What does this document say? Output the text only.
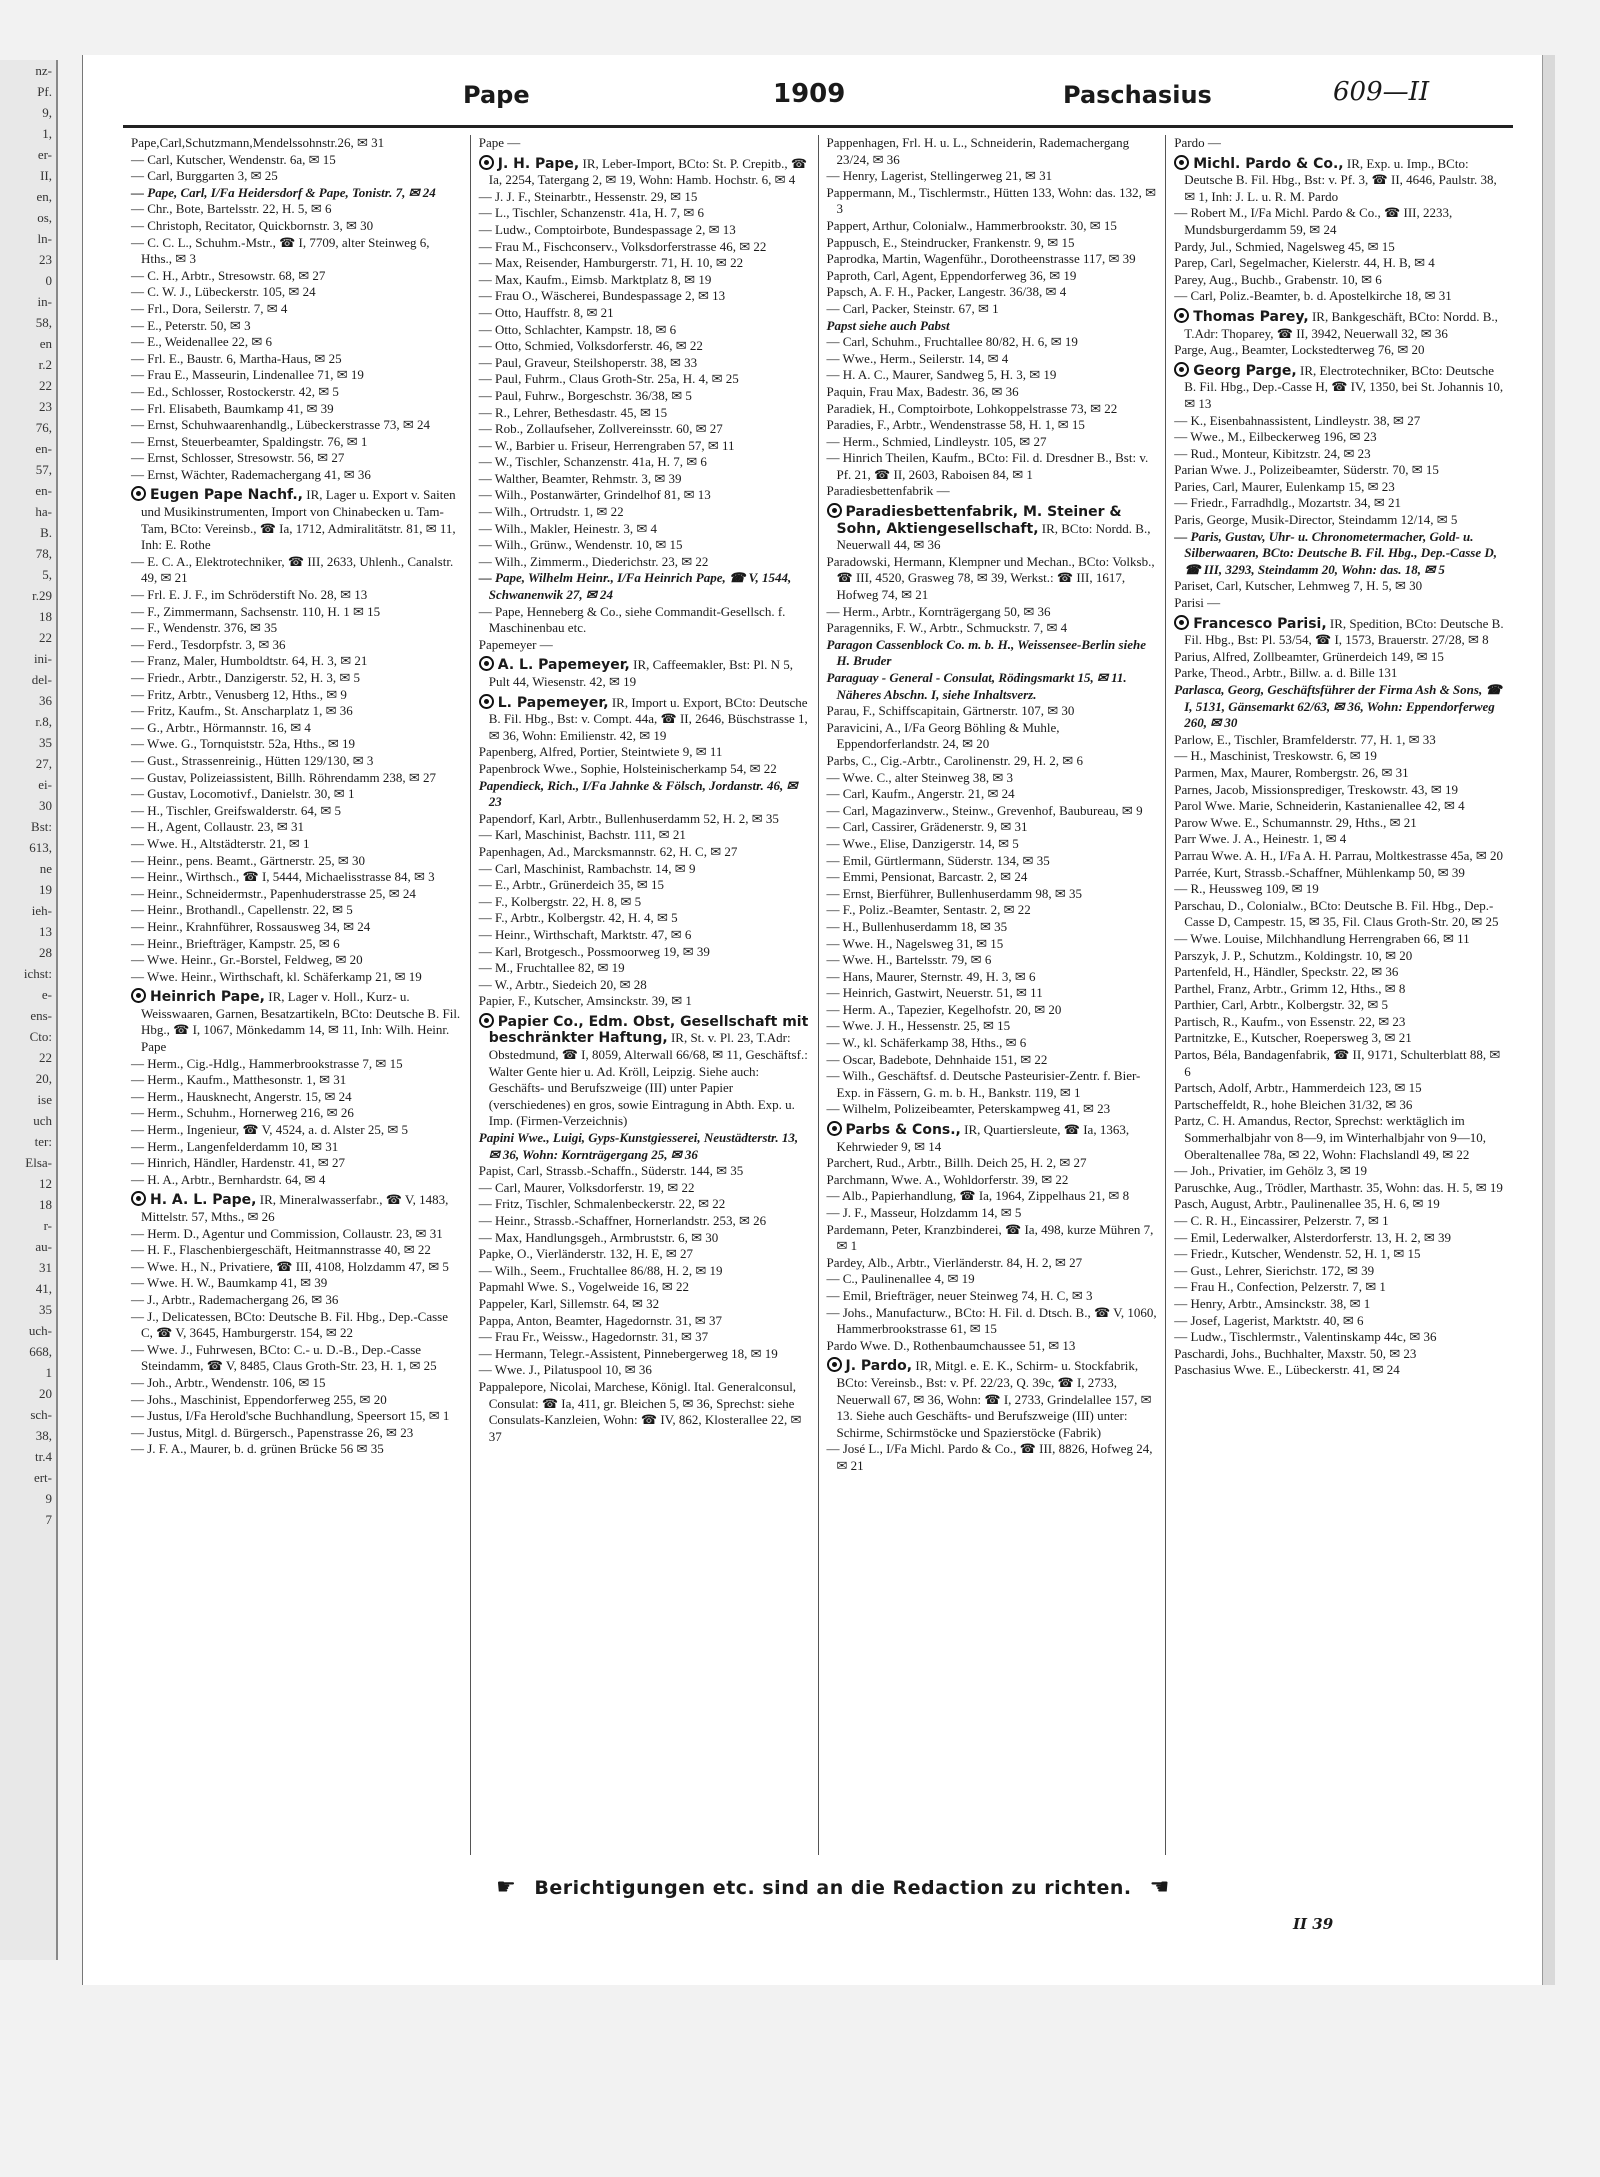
nz-
Pf.
9,
1,
er-
II,
en,
os,
ln-
23
0
in-
58,
en
r.2
22
23
76,
en-
57,
en-
ha-
B.
78,
5,
r.29
18
22
ini-
del-
36
r.8,
35
27,
ei-
30
Bst:
613,
ne
19
ieh-
13
28
ichst:
e-
ens-
Cto:
22
20,
ise
uch
ter:
Elsa-
12
18
r-
au-
31
41,
35
uch-
668,
1
20
sch-
38,
tr.4
ert-
9
7
Pape	1909	Paschasius	609—II

Pape,Carl,Schutzmann,Mendelssohnstr.26, ✉ 31

— Carl, Kutscher, Wendenstr. 6a, ✉ 15

— Carl, Burggarten 3, ✉ 25

— Pape, Carl, I/Fa Heidersdorf & Pape, Tonistr. 7, ✉ 24

— Chr., Bote, Bartelsstr. 22, H. 5, ✉ 6

— Christoph, Recitator, Quickbornstr. 3, ✉ 30

— C. C. L., Schuhm.-Mstr., ☎ I, 7709, alter Steinweg 6, Hths., ✉ 3

— C. H., Arbtr., Stresowstr. 68, ✉ 27

— C. W. J., Lübeckerstr. 105, ✉ 24

— Frl., Dora, Seilerstr. 7, ✉ 4

— E., Peterstr. 50, ✉ 3

— E., Weidenallee 22, ✉ 6

— Frl. E., Baustr. 6, Martha-Haus, ✉ 25

— Frau E., Masseurin, Lindenallee 71, ✉ 19

— Ed., Schlosser, Rostockerstr. 42, ✉ 5

— Frl. Elisabeth, Baumkamp 41, ✉ 39

— Ernst, Schuhwaarenhandlg., Lübeckerstrasse 73, ✉ 24

— Ernst, Steuerbeamter, Spaldingstr. 76, ✉ 1

— Ernst, Schlosser, Stresowstr. 56, ✉ 27

— Ernst, Wächter, Rademachergang 41, ✉ 36

Eugen Pape Nachf., IR, Lager u. Export v. Saiten und Musikinstrumenten, Import von Chinabecken u. Tam-Tam, BCto: Vereinsb., ☎ Ia, 1712, Admiralitätstr. 81, ✉ 11, Inh: E. Rothe

— E. C. A., Elektrotechniker, ☎ III, 2633, Uhlenh., Canalstr. 49, ✉ 21

— Frl. E. J. F., im Schröderstift No. 28, ✉ 13

— F., Zimmermann, Sachsenstr. 110, H. 1 ✉ 15

— F., Wendenstr. 376, ✉ 35

— Ferd., Tesdorpfstr. 3, ✉ 36

— Franz, Maler, Humboldtstr. 64, H. 3, ✉ 21

— Friedr., Arbtr., Danzigerstr. 52, H. 3, ✉ 5

— Fritz, Arbtr., Venusberg 12, Hths., ✉ 9

— Fritz, Kaufm., St. Anscharplatz 1, ✉ 36

— G., Arbtr., Hörmannstr. 16, ✉ 4

— Wwe. G., Tornquiststr. 52a, Hths., ✉ 19

— Gust., Strassenreinig., Hütten 129/130, ✉ 3

— Gustav, Polizeiassistent, Billh. Röhrendamm 238, ✉ 27

— Gustav, Locomotivf., Danielstr. 30, ✉ 1

— H., Tischler, Greifswalderstr. 64, ✉ 5

— H., Agent, Collaustr. 23, ✉ 31

— Wwe. H., Altstädterstr. 21, ✉ 1

— Heinr., pens. Beamt., Gärtnerstr. 25, ✉ 30

— Heinr., Wirthsch., ☎ I, 5444, Michaelisstrasse 84, ✉ 3

— Heinr., Schneidermstr., Papenhuderstrasse 25, ✉ 24

— Heinr., Brothandl., Capellenstr. 22, ✉ 5

— Heinr., Krahnführer, Rossausweg 34, ✉ 24

— Heinr., Briefträger, Kampstr. 25, ✉ 6

— Wwe. Heinr., Gr.-Borstel, Feldweg, ✉ 20

— Wwe. Heinr., Wirthschaft, kl. Schäferkamp 21, ✉ 19

Heinrich Pape, IR, Lager v. Holl., Kurz- u. Weisswaaren, Garnen, Besatzartikeln, BCto: Deutsche B. Fil. Hbg., ☎ I, 1067, Mönkedamm 14, ✉ 11, Inh: Wilh. Heinr. Pape

— Herm., Cig.-Hdlg., Hammerbrookstrasse 7, ✉ 15

— Herm., Kaufm., Matthesonstr. 1, ✉ 31

— Herm., Hausknecht, Angerstr. 15, ✉ 24

— Herm., Schuhm., Hornerweg 216, ✉ 26

— Herm., Ingenieur, ☎ V, 4524, a. d. Alster 25, ✉ 5

— Herm., Langenfelderdamm 10, ✉ 31

— Hinrich, Händler, Hardenstr. 41, ✉ 27

— H. A., Arbtr., Bernhardstr. 64, ✉ 4

H. A. L. Pape, IR, Mineralwasserfabr., ☎ V, 1483, Mittelstr. 57, Mths., ✉ 26

— Herm. D., Agentur und Commission, Collaustr. 23, ✉ 31

— H. F., Flaschenbiergeschäft, Heitmannstrasse 40, ✉ 22

— Wwe. H., N., Privatiere, ☎ III, 4108, Holzdamm 47, ✉ 5

— Wwe. H. W., Baumkamp 41, ✉ 39

— J., Arbtr., Rademachergang 26, ✉ 36

— J., Delicatessen, BCto: Deutsche B. Fil. Hbg., Dep.-Casse C, ☎ V, 3645, Hamburgerstr. 154, ✉ 22

— Wwe. J., Fuhrwesen, BCto: C.- u. D.-B., Dep.-Casse Steindamm, ☎ V, 8485, Claus Groth-Str. 23, H. 1, ✉ 25

— Joh., Arbtr., Wendenstr. 106, ✉ 15

— Johs., Maschinist, Eppendorferweg 255, ✉ 20

— Justus, I/Fa Herold'sche Buchhandlung, Speersort 15, ✉ 1

— Justus, Mitgl. d. Bürgersch., Papenstrasse 26, ✉ 23

— J. F. A., Maurer, b. d. grünen Brücke 56 ✉ 35

Pape —

J. H. Pape, IR, Leber-Import, BCto: St. P. Crepitb., ☎ Ia, 2254, Tatergang 2, ✉ 19, Wohn: Hamb. Hochstr. 6, ✉ 4

— J. J. F., Steinarbtr., Hessenstr. 29, ✉ 15

— L., Tischler, Schanzenstr. 41a, H. 7, ✉ 6

— Ludw., Comptoirbote, Bundespassage 2, ✉ 13

— Frau M., Fischconserv., Volksdorferstrasse 46, ✉ 22

— Max, Reisender, Hamburgerstr. 71, H. 10, ✉ 22

— Max, Kaufm., Eimsb. Marktplatz 8, ✉ 19

— Frau O., Wäscherei, Bundespassage 2, ✉ 13

— Otto, Hauffstr. 8, ✉ 21

— Otto, Schlachter, Kampstr. 18, ✉ 6

— Otto, Schmied, Volksdorferstr. 46, ✉ 22

— Paul, Graveur, Steilshoperstr. 38, ✉ 33

— Paul, Fuhrm., Claus Groth-Str. 25a, H. 4, ✉ 25

— Paul, Fuhrw., Borgeschstr. 36/38, ✉ 5

— R., Lehrer, Bethesdastr. 45, ✉ 15

— Rob., Zollaufseher, Zollvereinsstr. 60, ✉ 27

— W., Barbier u. Friseur, Herrengraben 57, ✉ 11

— W., Tischler, Schanzenstr. 41a, H. 7, ✉ 6

— Walther, Beamter, Rehmstr. 3, ✉ 39

— Wilh., Postanwärter, Grindelhof 81, ✉ 13

— Wilh., Ortrudstr. 1, ✉ 22

— Wilh., Makler, Heinestr. 3, ✉ 4

— Wilh., Grünw., Wendenstr. 10, ✉ 15

— Wilh., Zimmerm., Diederichstr. 23, ✉ 22

— Pape, Wilhelm Heinr., I/Fa Heinrich Pape, ☎ V, 1544, Schwanenwik 27, ✉ 24

— Pape, Henneberg & Co., siehe Commandit-Gesellsch. f. Maschinenbau etc.

Papemeyer —

A. L. Papemeyer, IR, Caffeemakler, Bst: Pl. N 5, Pult 44, Wiesenstr. 42, ✉ 19

L. Papemeyer, IR, Import u. Export, BCto: Deutsche B. Fil. Hbg., Bst: v. Compt. 44a, ☎ II, 2646, Büschstrasse 1, ✉ 36, Wohn: Emilienstr. 42, ✉ 19

Papenberg, Alfred, Portier, Steintwiete 9, ✉ 11

Papenbrock Wwe., Sophie, Holsteinischerkamp 54, ✉ 22

Papendieck, Rich., I/Fa Jahnke & Fölsch, Jordanstr. 46, ✉ 23

Papendorf, Karl, Arbtr., Bullenhuserdamm 52, H. 2, ✉ 35

— Karl, Maschinist, Bachstr. 111, ✉ 21

Papenhagen, Ad., Marcksmannstr. 62, H. C, ✉ 27

— Carl, Maschinist, Rambachstr. 14, ✉ 9

— E., Arbtr., Grünerdeich 35, ✉ 15

— F., Kolbergstr. 22, H. 8, ✉ 5

— F., Arbtr., Kolbergstr. 42, H. 4, ✉ 5

— Heinr., Wirthschaft, Marktstr. 47, ✉ 6

— Karl, Brotgesch., Possmoorweg 19, ✉ 39

— M., Fruchtallee 82, ✉ 19

— W., Arbtr., Siedeich 20, ✉ 28

Papier, F., Kutscher, Amsinckstr. 39, ✉ 1

Papier Co., Edm. Obst, Gesellschaft mit beschränkter Haftung, IR, St. v. Pl. 23, T.Adr: Obstedmund, ☎ I, 8059, Alterwall 66/68, ✉ 11, Geschäftsf.: Walter Gente hier u. Ad. Kröll, Leipzig. Siehe auch: Geschäfts- und Berufszweige (III) unter Papier (verschiedenes) en gros, sowie Eintragung in Abth. Exp. u. Imp. (Firmen-Verzeichnis)

Papini Wwe., Luigi, Gyps-Kunstgiesserei, Neustädterstr. 13, ✉ 36, Wohn: Kornträgergang 25, ✉ 36

Papist, Carl, Strassb.-Schaffn., Süderstr. 144, ✉ 35

— Carl, Maurer, Volksdorferstr. 19, ✉ 22

— Fritz, Tischler, Schmalenbeckerstr. 22, ✉ 22

— Heinr., Strassb.-Schaffner, Hornerlandstr. 253, ✉ 26

— Max, Handlungsgeh., Armbruststr. 6, ✉ 30

Papke, O., Vierländerstr. 132, H. E, ✉ 27

— Wilh., Seem., Fruchtallee 86/88, H. 2, ✉ 19

Papmahl Wwe. S., Vogelweide 16, ✉ 22

Pappeler, Karl, Sillemstr. 64, ✉ 32

Pappa, Anton, Beamter, Hagedornstr. 31, ✉ 37

— Frau Fr., Weissw., Hagedornstr. 31, ✉ 37

— Hermann, Telegr.-Assistent, Pinnebergerweg 18, ✉ 19

— Wwe. J., Pilatuspool 10, ✉ 36

Pappalepore, Nicolai, Marchese, Königl. Ital. Generalconsul, Consulat: ☎ Ia, 411, gr. Bleichen 5, ✉ 36, Sprechst: siehe Consulats-Kanzleien, Wohn: ☎ IV, 862, Klosterallee 22, ✉ 37

Pappenhagen, Frl. H. u. L., Schneiderin, Rademachergang 23/24, ✉ 36

— Henry, Lagerist, Stellingerweg 21, ✉ 31

Pappermann, M., Tischlermstr., Hütten 133, Wohn: das. 132, ✉ 3

Pappert, Arthur, Colonialw., Hammerbrookstr. 30, ✉ 15

Pappusch, E., Steindrucker, Frankenstr. 9, ✉ 15

Paprodka, Martin, Wagenführ., Dorotheenstrasse 117, ✉ 39

Paproth, Carl, Agent, Eppendorferweg 36, ✉ 19

Papsch, A. F. H., Packer, Langestr. 36/38, ✉ 4

— Carl, Packer, Steinstr. 67, ✉ 1

Papst siehe auch Pabst

— Carl, Schuhm., Fruchtallee 80/82, H. 6, ✉ 19

— Wwe., Herm., Seilerstr. 14, ✉ 4

— H. A. C., Maurer, Sandweg 5, H. 3, ✉ 19

Paquin, Frau Max, Badestr. 36, ✉ 36

Paradiek, H., Comptoirbote, Lohkoppelstrasse 73, ✉ 22

Paradies, F., Arbtr., Wendenstrasse 58, H. 1, ✉ 15

— Herm., Schmied, Lindleystr. 105, ✉ 27

— Hinrich Theilen, Kaufm., BCto: Fil. d. Dresdner B., Bst: v. Pf. 21, ☎ II, 2603, Raboisen 84, ✉ 1

Paradiesbettenfabrik —

Paradiesbettenfabrik, M. Steiner & Sohn, Aktiengesellschaft, IR, BCto: Nordd. B., Neuerwall 44, ✉ 36

Paradowski, Hermann, Klempner und Mechan., BCto: Volksb., ☎ III, 4520, Grasweg 78, ✉ 39, Werkst.: ☎ III, 1617, Hofweg 74, ✉ 21

— Herm., Arbtr., Kornträgergang 50, ✉ 36

Paragenniks, F. W., Arbtr., Schmuckstr. 7, ✉ 4

Paragon Cassenblock Co. m. b. H., Weissensee-Berlin siehe H. Bruder

Paraguay - General - Consulat, Rödingsmarkt 15, ✉ 11. Näheres Abschn. I, siehe Inhaltsverz.

Parau, F., Schiffscapitain, Gärtnerstr. 107, ✉ 30

Paravicini, A., I/Fa Georg Böhling & Muhle, Eppendorferlandstr. 24, ✉ 20

Parbs, C., Cig.-Arbtr., Carolinenstr. 29, H. 2, ✉ 6

— Wwe. C., alter Steinweg 38, ✉ 3

— Carl, Kaufm., Angerstr. 21, ✉ 24

— Carl, Magazinverw., Steinw., Grevenhof, Baubureau, ✉ 9

— Carl, Cassirer, Grädenerstr. 9, ✉ 31

— Wwe., Elise, Danzigerstr. 14, ✉ 5

— Emil, Gürtlermann, Süderstr. 134, ✉ 35

— Emmi, Pensionat, Barcastr. 2, ✉ 24

— Ernst, Bierführer, Bullenhuserdamm 98, ✉ 35

— F., Poliz.-Beamter, Sentastr. 2, ✉ 22

— H., Bullenhuserdamm 18, ✉ 35

— Wwe. H., Nagelsweg 31, ✉ 15

— Wwe. H., Bartelsstr. 79, ✉ 6

— Hans, Maurer, Sternstr. 49, H. 3, ✉ 6

— Heinrich, Gastwirt, Neuerstr. 51, ✉ 11

— Herm. A., Tapezier, Kegelhofstr. 20, ✉ 20

— Wwe. J. H., Hessenstr. 25, ✉ 15

— W., kl. Schäferkamp 38, Hths., ✉ 6

— Oscar, Badebote, Dehnhaide 151, ✉ 22

— Wilh., Geschäftsf. d. Deutsche Pasteurisier-Zentr. f. Bier-Exp. in Fässern, G. m. b. H., Bankstr. 119, ✉ 1

— Wilhelm, Polizeibeamter, Peterskampweg 41, ✉ 23

Parbs & Cons., IR, Quartiersleute, ☎ Ia, 1363, Kehrwieder 9, ✉ 14

Parchert, Rud., Arbtr., Billh. Deich 25, H. 2, ✉ 27

Parchmann, Wwe. A., Wohldorferstr. 39, ✉ 22

— Alb., Papierhandlung, ☎ Ia, 1964, Zippelhaus 21, ✉ 8

— J. F., Masseur, Holzdamm 14, ✉ 5

Pardemann, Peter, Kranzbinderei, ☎ Ia, 498, kurze Mühren 7, ✉ 1

Pardey, Alb., Arbtr., Vierländerstr. 84, H. 2, ✉ 27

— C., Paulinenallee 4, ✉ 19

— Emil, Briefträger, neuer Steinweg 74, H. C, ✉ 3

— Johs., Manufacturw., BCto: H. Fil. d. Dtsch. B., ☎ V, 1060, Hammerbrookstrasse 61, ✉ 15

Pardo Wwe. D., Rothenbaumchaussee 51, ✉ 13

J. Pardo, IR, Mitgl. e. E. K., Schirm- u. Stockfabrik, BCto: Vereinsb., Bst: v. Pf. 22/23, Q. 39c, ☎ I, 2733, Neuerwall 67, ✉ 36, Wohn: ☎ I, 2733, Grindelallee 157, ✉ 13. Siehe auch Geschäfts- und Berufszweige (III) unter: Schirme, Schirmstöcke und Spazierstöcke (Fabrik)

— José L., I/Fa Michl. Pardo & Co., ☎ III, 8826, Hofweg 24, ✉ 21

Pardo —

Michl. Pardo & Co., IR, Exp. u. Imp., BCto: Deutsche B. Fil. Hbg., Bst: v. Pf. 3, ☎ II, 4646, Paulstr. 38, ✉ 1, Inh: J. L. u. R. M. Pardo

— Robert M., I/Fa Michl. Pardo & Co., ☎ III, 2233, Mundsburgerdamm 59, ✉ 24

Pardy, Jul., Schmied, Nagelsweg 45, ✉ 15

Parep, Carl, Segelmacher, Kielerstr. 44, H. B, ✉ 4

Parey, Aug., Buchb., Grabenstr. 10, ✉ 6

— Carl, Poliz.-Beamter, b. d. Apostelkirche 18, ✉ 31

Thomas Parey, IR, Bankgeschäft, BCto: Nordd. B., T.Adr: Thoparey, ☎ II, 3942, Neuerwall 32, ✉ 36

Parge, Aug., Beamter, Lockstedterweg 76, ✉ 20

Georg Parge, IR, Electrotechniker, BCto: Deutsche B. Fil. Hbg., Dep.-Casse H, ☎ IV, 1350, bei St. Johannis 10, ✉ 13

— K., Eisenbahnassistent, Lindleystr. 38, ✉ 27

— Wwe., M., Eilbeckerweg 196, ✉ 23

— Rud., Monteur, Kibitzstr. 24, ✉ 23

Parian Wwe. J., Polizeibeamter, Süderstr. 70, ✉ 15

Paries, Carl, Maurer, Eulenkamp 15, ✉ 23

— Friedr., Farradhdlg., Mozartstr. 34, ✉ 21

Paris, George, Musik-Director, Steindamm 12/14, ✉ 5

— Paris, Gustav, Uhr- u. Chronometermacher, Gold- u. Silberwaaren, BCto: Deutsche B. Fil. Hbg., Dep.-Casse D, ☎ III, 3293, Steindamm 20, Wohn: das. 18, ✉ 5

Pariset, Carl, Kutscher, Lehmweg 7, H. 5, ✉ 30

Parisi —

Francesco Parisi, IR, Spedition, BCto: Deutsche B. Fil. Hbg., Bst: Pl. 53/54, ☎ I, 1573, Brauerstr. 27/28, ✉ 8

Parius, Alfred, Zollbeamter, Grünerdeich 149, ✉ 15

Parke, Theod., Arbtr., Billw. a. d. Bille 131

Parlasca, Georg, Geschäftsführer der Firma Ash & Sons, ☎ I, 5131, Gänsemarkt 62/63, ✉ 36, Wohn: Eppendorferweg 260, ✉ 30

Parlow, E., Tischler, Bramfelderstr. 77, H. 1, ✉ 33

— H., Maschinist, Treskowstr. 6, ✉ 19

Parmen, Max, Maurer, Rombergstr. 26, ✉ 31

Parnes, Jacob, Missionsprediger, Treskowstr. 43, ✉ 19

Parol Wwe. Marie, Schneiderin, Kastanienallee 42, ✉ 4

Parow Wwe. E., Schumannstr. 29, Hths., ✉ 21

Parr Wwe. J. A., Heinestr. 1, ✉ 4

Parrau Wwe. A. H., I/Fa A. H. Parrau, Moltkestrasse 45a, ✉ 20

Parrée, Kurt, Strassb.-Schaffner, Mühlenkamp 50, ✉ 39

— R., Heussweg 109, ✉ 19

Parschau, D., Colonialw., BCto: Deutsche B. Fil. Hbg., Dep.-Casse D, Campestr. 15, ✉ 35, Fil. Claus Groth-Str. 20, ✉ 25

— Wwe. Louise, Milchhandlung Herrengraben 66, ✉ 11

Parszyk, J. P., Schutzm., Koldingstr. 10, ✉ 20

Partenfeld, H., Händler, Speckstr. 22, ✉ 36

Parthel, Franz, Arbtr., Grimm 12, Hths., ✉ 8

Parthier, Carl, Arbtr., Kolbergstr. 32, ✉ 5

Partisch, R., Kaufm., von Essenstr. 22, ✉ 23

Partnitzke, E., Kutscher, Roepersweg 3, ✉ 21

Partos, Béla, Bandagenfabrik, ☎ II, 9171, Schulterblatt 88, ✉ 6

Partsch, Adolf, Arbtr., Hammerdeich 123, ✉ 15

Partscheffeldt, R., hohe Bleichen 31/32, ✉ 36

Partz, C. H. Amandus, Rector, Sprechst: werktäglich im Sommerhalbjahr von 8—9, im Winterhalbjahr von 9—10, Oberaltenallee 78a, ✉ 22, Wohn: Flachslandl 49, ✉ 22

— Joh., Privatier, im Gehölz 3, ✉ 19

Paruschke, Aug., Trödler, Marthastr. 35, Wohn: das. H. 5, ✉ 19

Pasch, August, Arbtr., Paulinenallee 35, H. 6, ✉ 19

— C. R. H., Eincassirer, Pelzerstr. 7, ✉ 1

— Emil, Lederwalker, Alsterdorferstr. 13, H. 2, ✉ 39

— Friedr., Kutscher, Wendenstr. 52, H. 1, ✉ 15

— Gust., Lehrer, Sierichstr. 172, ✉ 39

— Frau H., Confection, Pelzerstr. 7, ✉ 1

— Henry, Arbtr., Amsinckstr. 38, ✉ 1

— Josef, Lagerist, Marktstr. 40, ✉ 6

— Ludw., Tischlermstr., Valentinskamp 44c, ✉ 36

Paschardi, Johs., Buchhalter, Maxstr. 50, ✉ 23

Paschasius Wwe. E., Lübeckerstr. 41, ✉ 24

☛ Berichtigungen etc. sind an die Redaction zu richten. ☚
II 39
